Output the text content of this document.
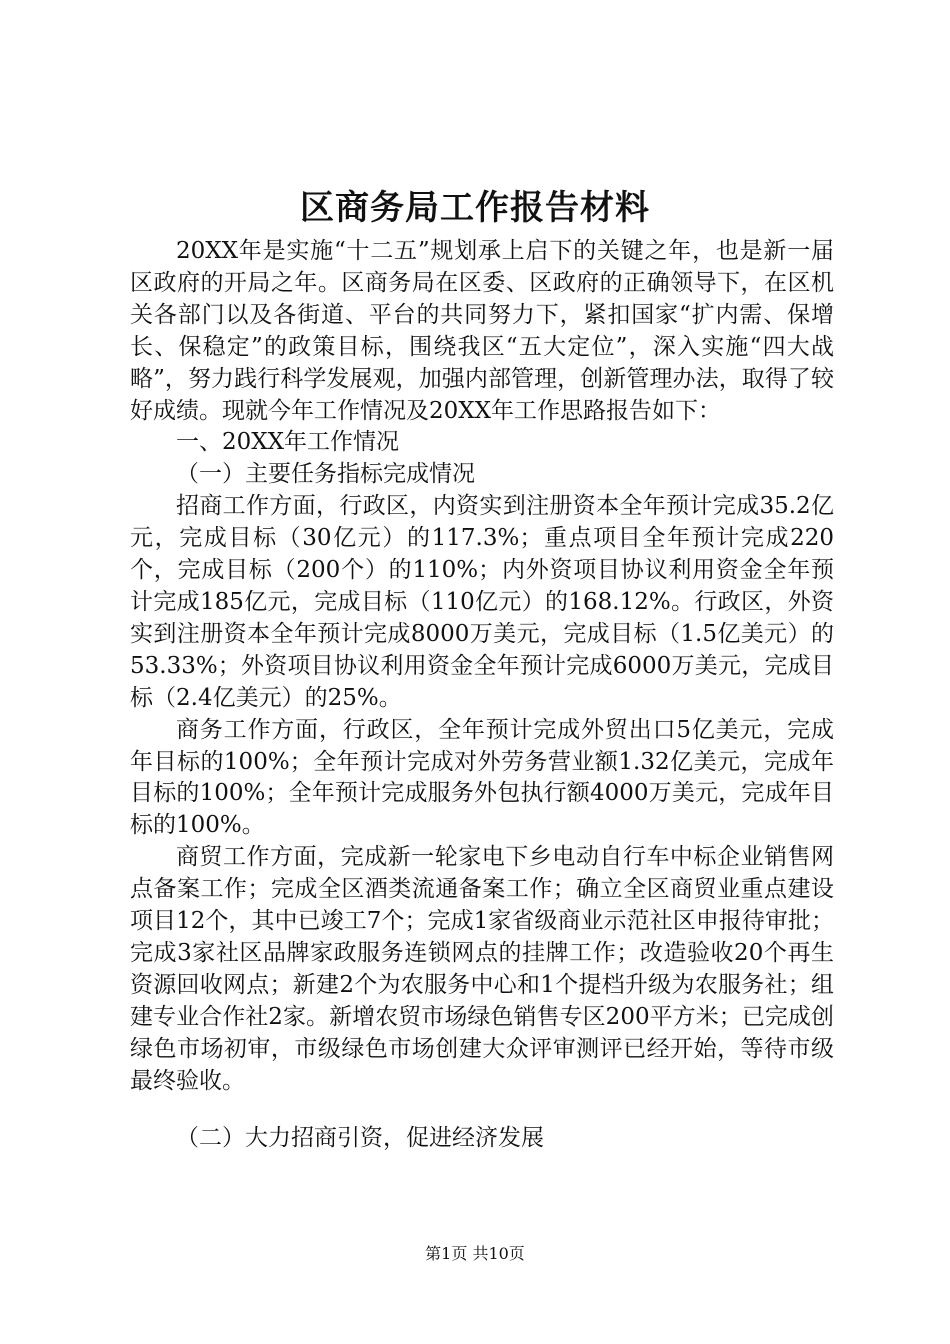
区商务局工作报告材料

20XX年是实施“十二五”规划承上启下的关键之年，也是新一届区政府的开局之年。区商务局在区委、区政府的正确领导下，在区机关各部门以及各街道、平台的共同努力下，紧扣国家“扩内需、保增长、保稳定”的政策目标，围绕我区“五大定位”，深入实施“四大战略”，努力践行科学发展观，加强内部管理，创新管理办法，取得了较好成绩。现就今年工作情况及20XX年工作思路报告如下：

一、20XX年工作情况

（一）主要任务指标完成情况

招商工作方面，行政区，内资实到注册资本全年预计完成35.2亿元，完成目标（30亿元）的117.3%；重点项目全年预计完成220个，完成目标（200个）的110%；内外资项目协议利用资金全年预计完成185亿元，完成目标（110亿元）的168.12%。行政区，外资实到注册资本全年预计完成8000万美元，完成目标（1.5亿美元）的53.33%；外资项目协议利用资金全年预计完成6000万美元，完成目标（2.4亿美元）的25%。

商务工作方面，行政区，全年预计完成外贸出口5亿美元，完成年目标的100%；全年预计完成对外劳务营业额1.32亿美元，完成年目标的100%；全年预计完成服务外包执行额4000万美元，完成年目标的100%。

商贸工作方面，完成新一轮家电下乡电动自行车中标企业销售网点备案工作；完成全区酒类流通备案工作；确立全区商贸业重点建设项目12个，其中已竣工7个；完成1家省级商业示范社区申报待审批；完成3家社区品牌家政服务连锁网点的挂牌工作；改造验收20个再生资源回收网点；新建2个为农服务中心和1个提档升级为农服务社；组建专业合作社2家。新增农贸市场绿色销售专区200平方米；已完成创绿色市场初审，市级绿色市场创建大众评审测评已经开始，等待市级最终验收。

（二）大力招商引资，促进经济发展

第1页 共10页
